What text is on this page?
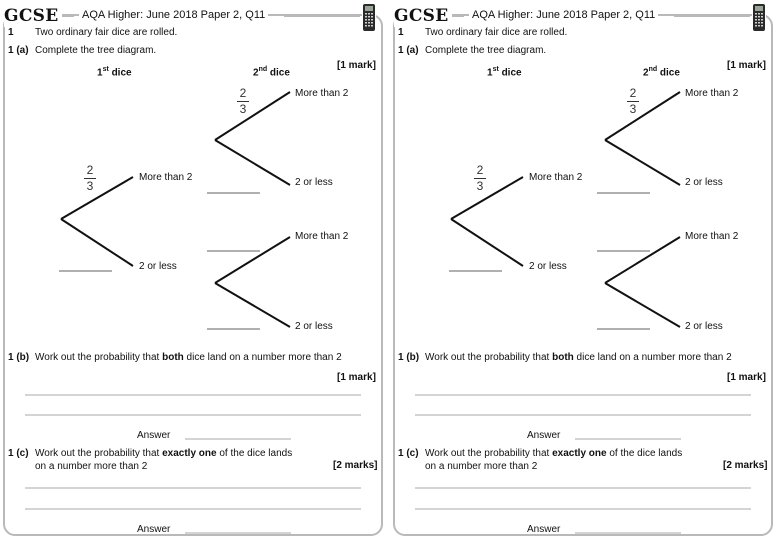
GCSE	AQA Higher: June 2018 Paper 2, Q11
1 Two ordinary fair dice are rolled.
1 (a) Complete the tree diagram.
[1 mark]
1st dice	2nd dice
2
3
2
3
More than 2
2 or less
More than 2
2 or less
More than 2
2 or less
1 (b) Work out the probability that both dice land on a number more than 2
[1 mark]
Answer
1 (c) Work out the probability that exactly one of the dice lands
on a number more than 2	[2 marks]
Answer
GCSE	AQA Higher: June 2018 Paper 2, Q11
1 Two ordinary fair dice are rolled.
1 (a) Complete the tree diagram.
[1 mark]
1st dice	2nd dice
2
3
2
3
More than 2
2 or less
More than 2
2 or less
More than 2
2 or less
1 (b) Work out the probability that both dice land on a number more than 2
[1 mark]
Answer
1 (c) Work out the probability that exactly one of the dice lands
on a number more than 2	[2 marks]
Answer
